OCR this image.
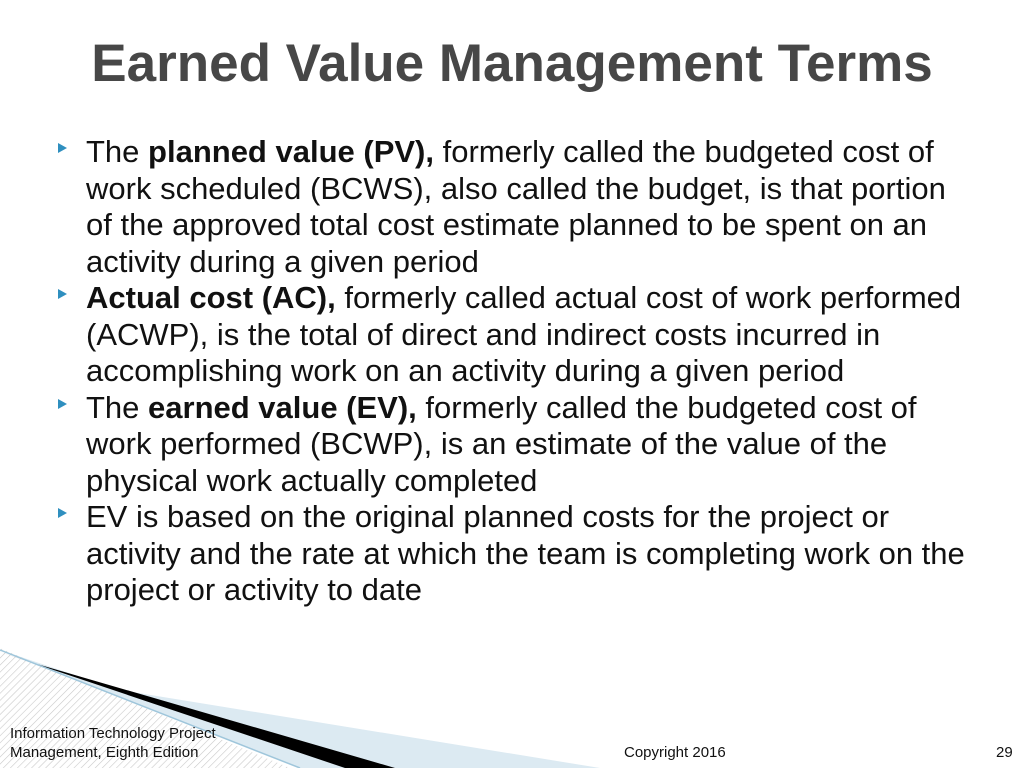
Earned Value Management Terms
The planned value (PV), formerly called the budgeted cost of work scheduled (BCWS), also called the budget, is that portion of the approved total cost estimate planned to be spent on an activity during a given period
Actual cost (AC), formerly called actual cost of work performed (ACWP), is the total of direct and indirect costs incurred in accomplishing work on an activity during a given period
The earned value (EV), formerly called the budgeted cost of work performed (BCWP), is an estimate of the value of the physical work actually completed
EV is based on the original planned costs for the project or activity and the rate at which the team is completing work on the project or activity to date
Information Technology Project
Management, Eighth Edition	Copyright 2016	29
